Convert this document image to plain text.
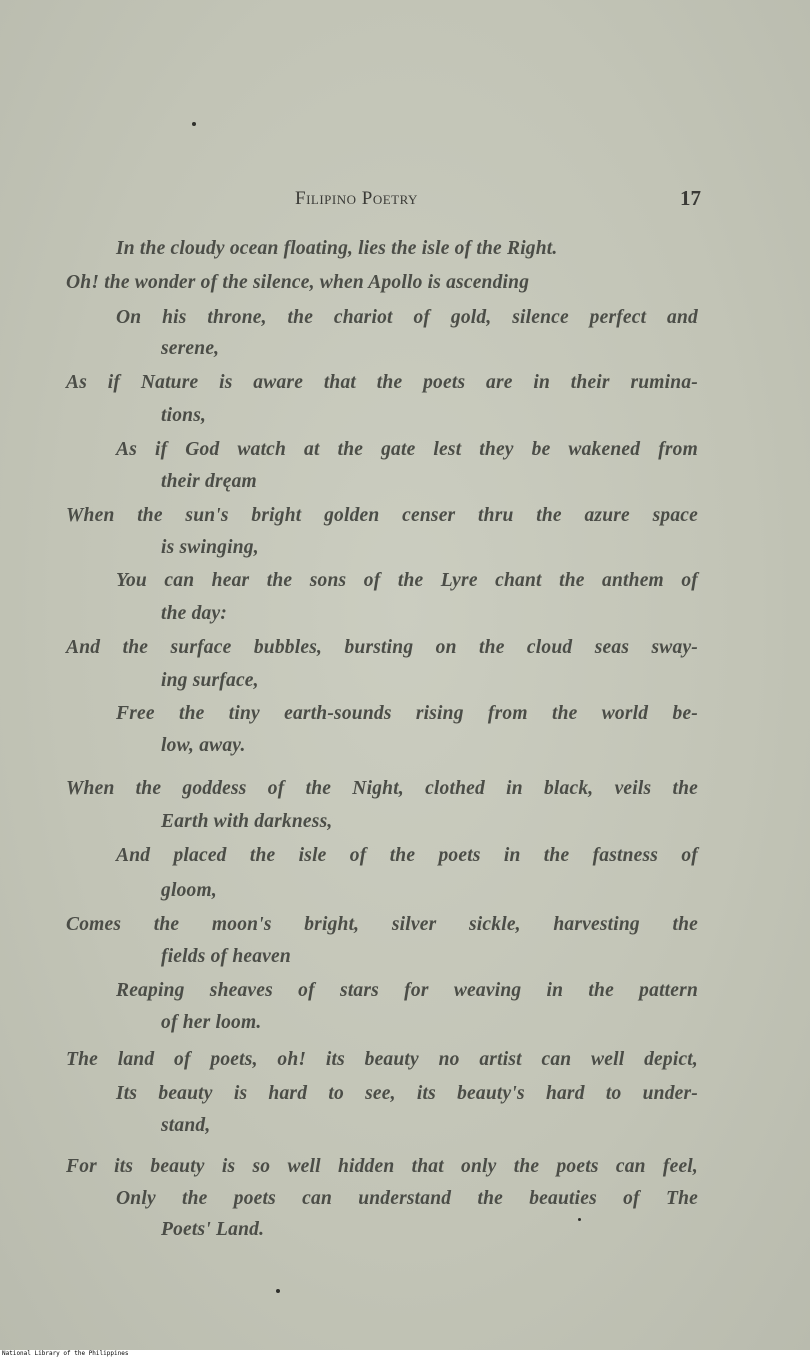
Filipino Poetry	17
In the cloudy ocean floating, lies the isle of the Right.
Oh! the wonder of the silence, when Apollo is ascending
On his throne, the chariot of gold, silence perfect and
serene,
As if Nature is aware that the poets are in their rumina-
tions,
As if God watch at the gate lest they be wakened from
their dręam
When the sun's bright golden censer thru the azure space
is swinging,
You can hear the sons of the Lyre chant the anthem of
the day:
And the surface bubbles, bursting on the cloud seas sway-
ing surface,
Free the tiny earth-sounds rising from the world be-
low, away.
When the goddess of the Night, clothed in black, veils the
Earth with darkness,
And placed the isle of the poets in the fastness of
gloom,
Comes the moon's bright, silver sickle, harvesting the
fields of heaven
Reaping sheaves of stars for weaving in the pattern
of her loom.
The land of poets, oh! its beauty no artist can well depict,
Its beauty is hard to see, its beauty's hard to under-
stand,
For its beauty is so well hidden that only the poets can feel,
Only the poets can understand the beauties of The
Poets' Land.
National Library of the Philippines
